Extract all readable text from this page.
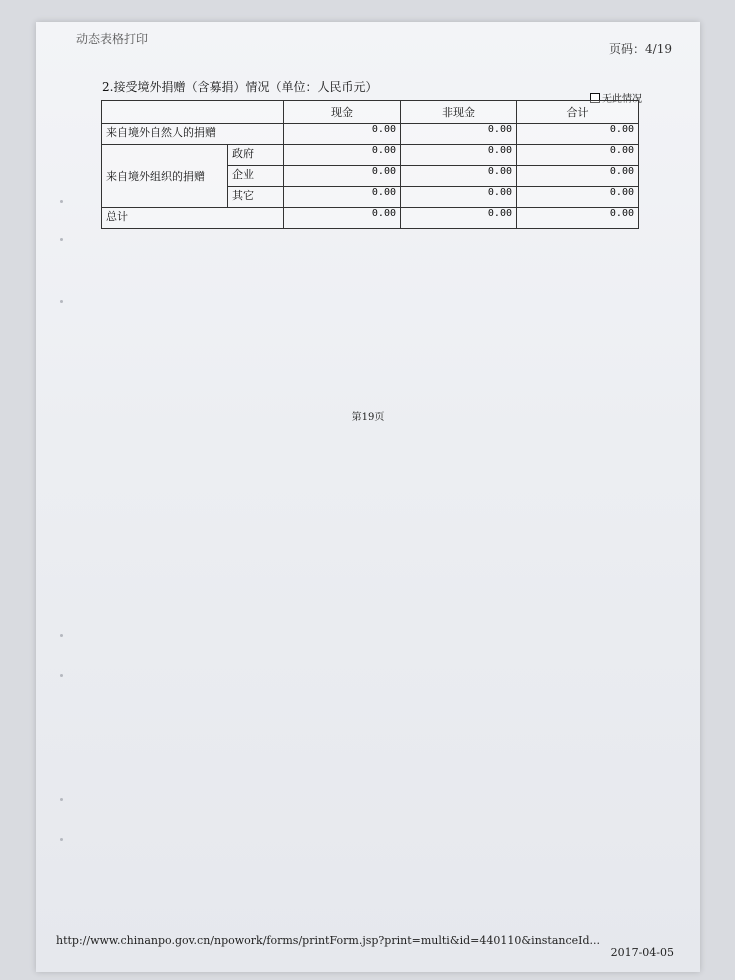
动态表格打印
页码：4/19
2.接受境外捐赠（含募捐）情况（单位：人民币元）
无此情况
		现金	非现金	合计
来自境外自然人的捐赠		0.00	0.00	0.00
来自境外组织的捐赠	政府	0.00	0.00	0.00
	企业	0.00	0.00	0.00
	其它	0.00	0.00	0.00
总计		0.00	0.00	0.00
第19页
http://www.chinanpo.gov.cn/npowork/forms/printForm.jsp?print=multi&id=440110&instanceId...
2017-04-05
